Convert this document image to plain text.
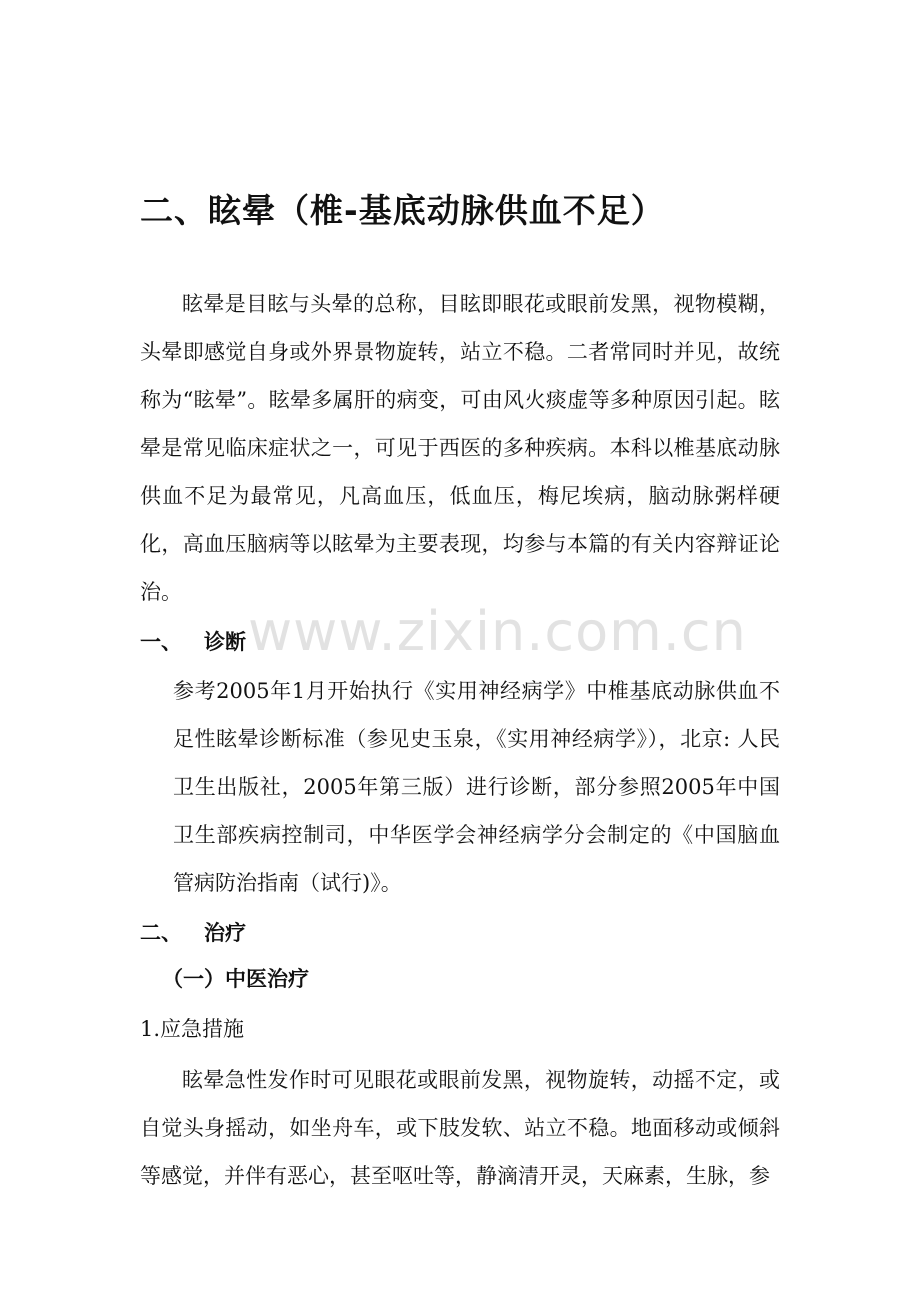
二、眩晕（椎-基底动脉供血不足）

眩晕是目眩与头晕的总称，目眩即眼花或眼前发黑，视物模糊，头晕即感觉自身或外界景物旋转，站立不稳。二者常同时并见，故统称为“眩晕”。眩晕多属肝的病变，可由风火痰虚等多种原因引起。眩晕是常见临床症状之一，可见于西医的多种疾病。本科以椎基底动脉供血不足为最常见，凡高血压，低血压，梅尼埃病，脑动脉粥样硬化，高血压脑病等以眩晕为主要表现，均参与本篇的有关内容辩证论治。

一、 诊断

参考2005年1月开始执行《实用神经病学》中椎基底动脉供血不足性眩晕诊断标准（参见史玉泉，《实用神经病学》），北京: 人民卫生出版社，2005年第三版）进行诊断，部分参照2005年中国卫生部疾病控制司，中华医学会神经病学分会制定的《中国脑血管病防治指南（试行)》。

二、 治疗
（一）中医治疗
1.应急措施

眩晕急性发作时可见眼花或眼前发黑，视物旋转，动摇不定，或自觉头身摇动，如坐舟车，或下肢发软、站立不稳。地面移动或倾斜等感觉，并伴有恶心，甚至呕吐等，静滴清开灵，天麻素，生脉，参

www.zixin.com.cn
